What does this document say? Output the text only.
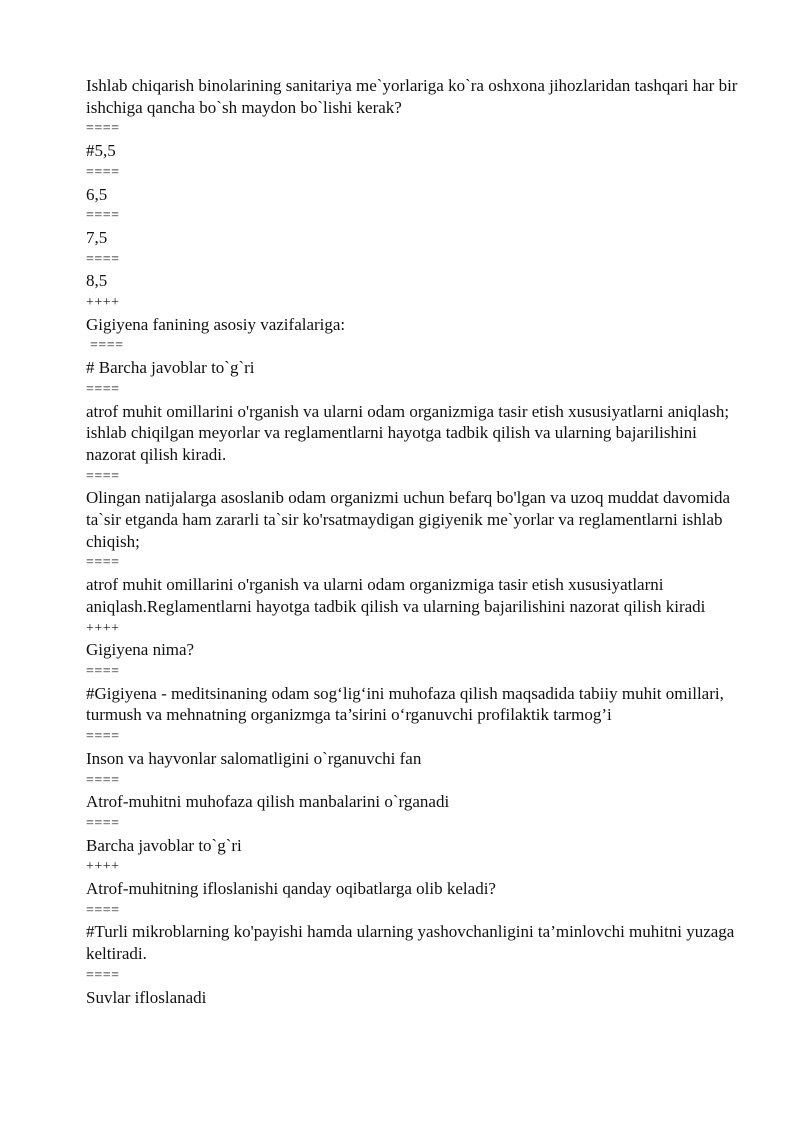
Ishlab chiqarish binolarining sanitariya me`yorlariga ko`ra oshxona jihozlaridan tashqari har bir ishchiga qancha bo`sh maydon bo`lishi kerak?
====
#5,5
====
6,5
====
7,5
====
8,5
++++
Gigiyena fanining asosiy vazifalariga:
====
# Barcha javoblar to`g`ri
====
atrof muhit omillarini o'rganish va ularni odam organizmiga tasir etish xususiyatlarni aniqlash; ishlab chiqilgan meyorlar va reglamentlarni hayotga tadbik qilish va ularning bajarilishini nazorat qilish kiradi.
====
Olingan natijalarga asoslanib odam organizmi uchun befarq bo'lgan va uzoq muddat davomida ta`sir etganda ham zararli ta`sir ko'rsatmaydigan gigiyenik me`yorlar va reglamentlarni ishlab chiqish;
====
atrof muhit omillarini o'rganish va ularni odam organizmiga tasir etish xususiyatlarni aniqlash.Reglamentlarni hayotga tadbik qilish va ularning bajarilishini nazorat qilish kiradi
++++
Gigiyena nima?
====
#Gigiyena - meditsinaning odam sog‘lig‘ini muhofaza qilish maqsadida tabiiy muhit omillari, turmush va mehnatning organizmga ta’sirini o‘rganuvchi profilaktik tarmog’i
====
Inson va hayvonlar salomatligini o`rganuvchi fan
====
Atrof-muhitni muhofaza qilish manbalarini o`rganadi
====
Barcha javoblar to`g`ri
++++
Atrof-muhitning ifloslanishi qanday oqibatlarga olib keladi?
====
#Turli mikroblarning ko'payishi hamda ularning yashovchanligini ta’minlovchi muhitni yuzaga keltiradi.
====
Suvlar ifloslanadi
